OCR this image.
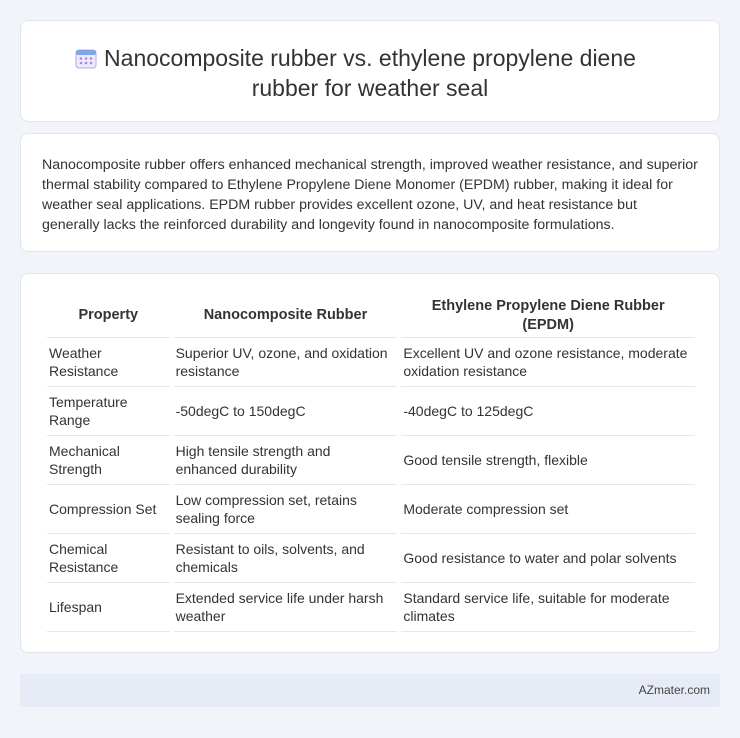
Nanocomposite rubber vs. ethylene propylene diene
rubber for weather seal

Nanocomposite rubber offers enhanced mechanical strength, improved weather resistance, and superior thermal stability compared to Ethylene Propylene Diene Monomer (EPDM) rubber, making it ideal for weather seal applications. EPDM rubber provides excellent ozone, UV, and heat resistance but generally lacks the reinforced durability and longevity found in nanocomposite formulations.

Property	Nanocomposite Rubber	Ethylene Propylene Diene Rubber (EPDM)
Weather Resistance	Superior UV, ozone, and oxidation resistance	Excellent UV and ozone resistance, moderate oxidation resistance
Temperature Range	-50degC to 150degC	-40degC to 125degC
Mechanical Strength	High tensile strength and enhanced durability	Good tensile strength, flexible
Compression Set	Low compression set, retains sealing force	Moderate compression set
Chemical Resistance	Resistant to oils, solvents, and chemicals	Good resistance to water and polar solvents
Lifespan	Extended service life under harsh weather	Standard service life, suitable for moderate climates
AZmater.com
